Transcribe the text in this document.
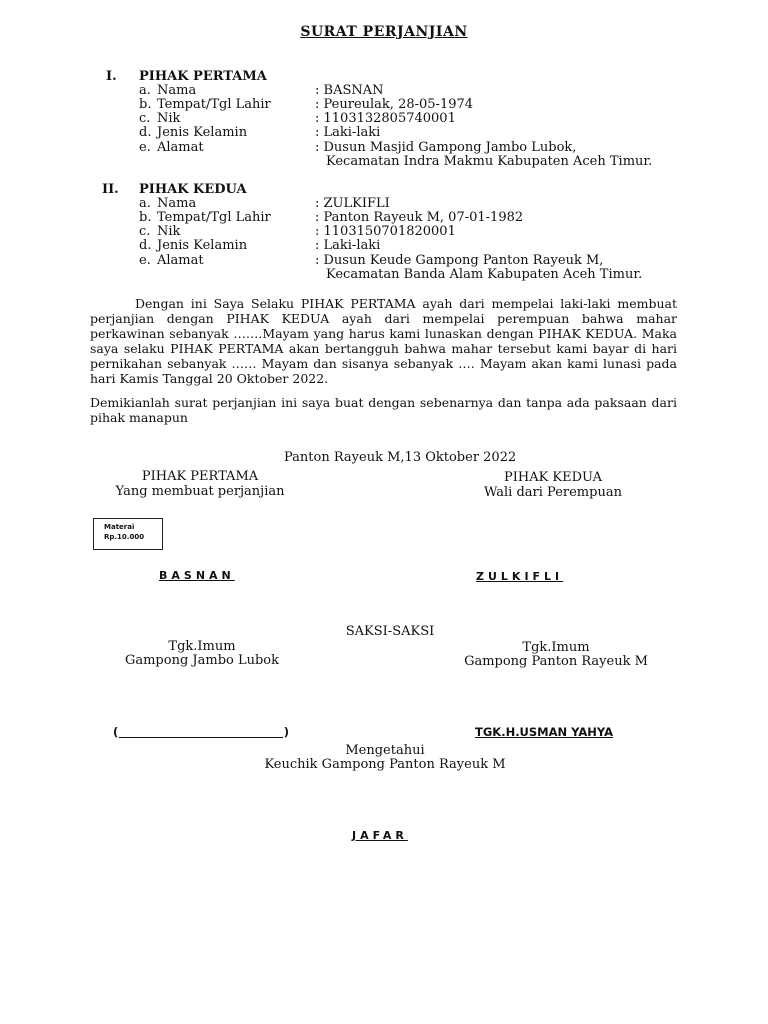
SURAT PERJANJIAN
I. PIHAK PERTAMA
a. Nama	: BASNAN
b. Tempat/Tgl Lahir	: Peureulak, 28-05-1974
c. Nik	: 1103132805740001
d. Jenis Kelamin	: Laki-laki
e. Alamat	: Dusun Masjid Gampong Jambo Lubok,
Kecamatan Indra Makmu Kabupaten Aceh Timur.
II. PIHAK KEDUA
a. Nama	: ZULKIFLI
b. Tempat/Tgl Lahir	: Panton Rayeuk M, 07-01-1982
c. Nik	: 1103150701820001
d. Jenis Kelamin	: Laki-laki
e. Alamat	: Dusun Keude Gampong Panton Rayeuk M,
Kecamatan Banda Alam Kabupaten Aceh Timur.
Dengan ini Saya Selaku PIHAK PERTAMA ayah dari mempelai laki-laki membuat perjanjian dengan PIHAK KEDUA ayah dari mempelai perempuan bahwa mahar perkawinan sebanyak …….Mayam yang harus kami lunaskan dengan PIHAK KEDUA. Maka saya selaku PIHAK PERTAMA akan bertangguh bahwa mahar tersebut kami bayar di hari pernikahan sebanyak …… Mayam dan sisanya sebanyak …. Mayam akan kami lunasi pada hari Kamis Tanggal 20 Oktober 2022.
Demikianlah surat perjanjian ini saya buat dengan sebenarnya dan tanpa ada paksaan dari pihak manapun
Panton Rayeuk M,13 Oktober 2022
PIHAK PERTAMA
Yang membuat perjanjian
PIHAK KEDUA
Wali dari Perempuan
Materai
Rp.10.000
BASNAN	ZULKIFLI
SAKSI-SAKSI
Tgk.Imum
Gampong Jambo Lubok
Tgk.Imum
Gampong Panton Rayeuk M
(	)	TGK.H.USMAN YAHYA
Mengetahui
Keuchik Gampong Panton Rayeuk M
JAFAR
